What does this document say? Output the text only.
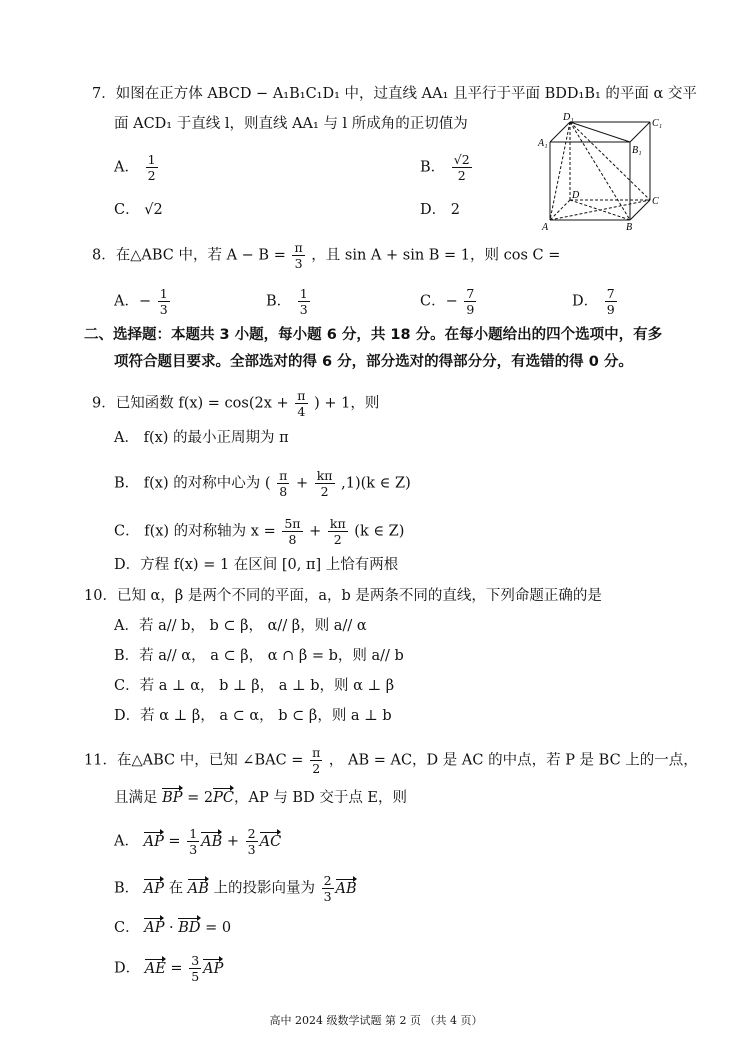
7．如图在正方体 ABCD − A₁B₁C₁D₁ 中，过直线 AA₁ 且平行于平面 BDD₁B₁ 的平面 α 交平
面 ACD₁ 于直线 l，则直线 AA₁ 与 l 所成角的正切值为
A． $\frac{1}{2}$	B． $\frac{√2}{2}$
C． √2	D． 2
D₁
C₁
A₁
B₁
D
C
A	B
8．在△ABC 中，若 $A - B = \frac{\pi}{3}$ ，且 sin A + sin B = 1，则 cos C =
A．− $\frac{1}{3}$	B． $\frac{1}{3}$	C．− $\frac{7}{9}$	D． $\frac{7}{9}$
二、选择题：本题共 3 小题，每小题 6 分，共 18 分。在每小题给出的四个选项中，有多
项符合题目要求。全部选对的得 6 分，部分选对的得部分分，有选错的得 0 分。
9．已知函数 $f(x) = \cos(2x + \frac{\pi}{4}$ ) + 1，则
A． f(x) 的最小正周期为 π
B． f(x) 的对称中心为 ( $\frac{\pi}{8} + \frac{k\pi}{2} ,1)(k$ ∈ Z)
C． f(x) 的对称轴为 $x = \frac{5\pi}{8} + \frac{k\pi}{2} (k$ ∈ Z)
D．方程 f(x) = 1 在区间 [0, π] 上恰有两根
10．已知 α，β 是两个不同的平面，a，b 是两条不同的直线，下列命题正确的是
A．若 a// b， b ⊂ β， α// β，则 a// α
B．若 a// α， a ⊂ β， α ∩ β = b，则 a// b
C．若 a ⊥ α， b ⊥ β， a ⊥ b，则 α ⊥ β
D．若 α ⊥ β， a ⊂ α， b ⊂ β，则 a ⊥ b
11．在△ABC 中，已知 ∠BAC = $\frac{\pi}{2}$ ， AB = AC，D 是 AC 的中点，若 P 是 BC 上的一点，
且满足 BP = 2PC，AP 与 BD 交于点 E，则
A． AP = $\frac{1}{3}$ AB + $\frac{2}{3}$ AC
B． AP 在 AB 上的投影向量为 $\frac{2}{3}$ AB
C． AP · BD = 0
D． AE = $\frac{3}{5}$ AP
高中 2024 级数学试题 第 2 页 （共 4 页）
